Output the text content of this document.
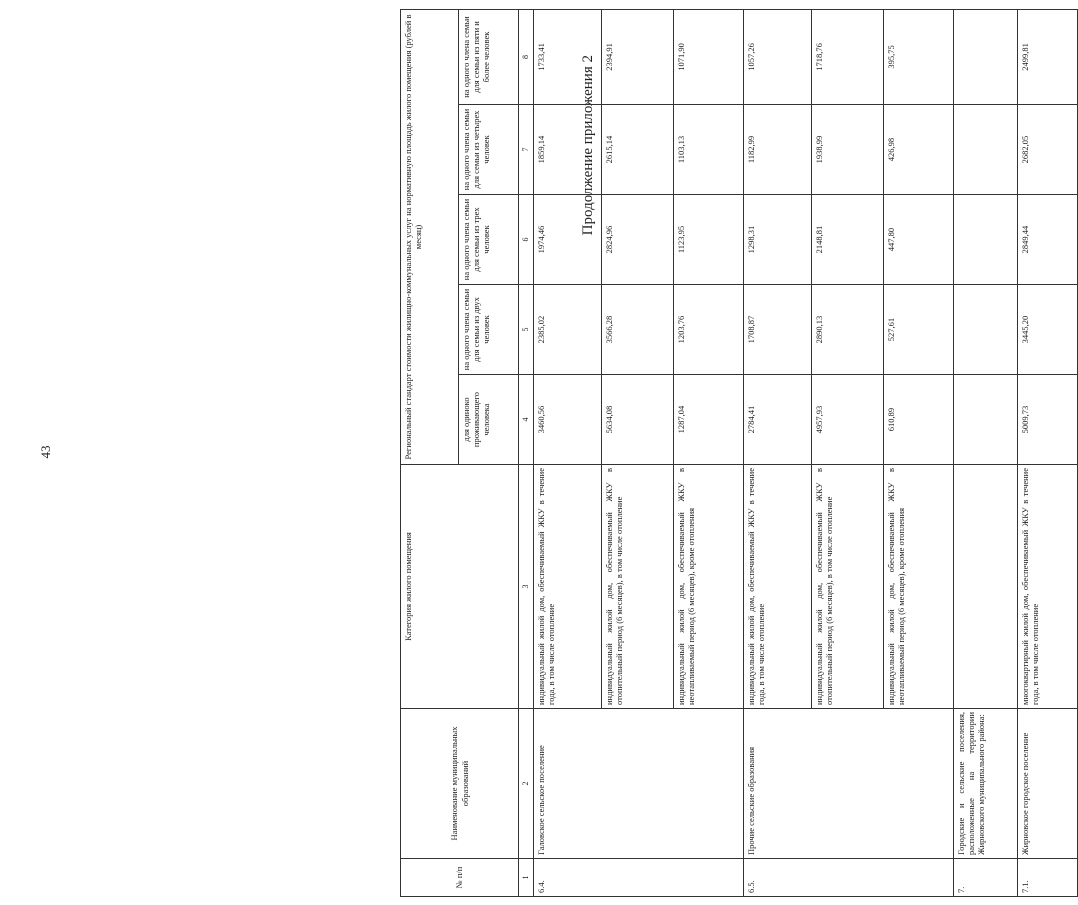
43
Продолжение приложения 2
№ п/п	Наименование муниципальных образований	Категория жилого помещения	Региональный стандарт стоимости жилищно-коммунальных услуг на нормативную площадь жилого помещения (рублей в месяц)				
			для одиноко проживающего человека	на одного члена семьи для семьи из двух человек	на одного члена семьи для семьи из трех человек	на одного члена семьи для семьи из четырех человек	на одного члена семьи для семьи из пяти и более человек
1	2	3	4	5	6	7	8
6.4.	Галовское сельское поселение	индивидуальный жилой дом, обеспечиваемый ЖКУ в течение года, в том числе отопление	3460,56	2385,02	1974,46	1859,14	1733,41
		индивидуальный жилой дом, обеспечиваемый ЖКУ в отопительный период (6 месяцев), в том числе отопление	5634,08	3566,28	2824,96	2615,14	2394,91
		индивидуальный жилой дом, обеспечиваемый ЖКУ в неотапливаемый период (6 месяцев), кроме отопления	1287,04	1203,76	1123,95	1103,13	1071,90
6.5.	Прочие сельские образования	индивидуальный жилой дом, обеспечиваемый ЖКУ в течение года, в том числе отопление	2784,41	1708,87	1298,31	1182,99	1057,26
		индивидуальный жилой дом, обеспечиваемый ЖКУ в отопительный период (6 месяцев), в том числе отопление	4957,93	2890,13	2148,81	1938,99	1718,76
		индивидуальный жилой дом, обеспечиваемый ЖКУ в неотапливаемый период (6 месяцев), кроме отопления	610,89	527,61	447,80	426,98	395,75
7.	Городские и сельские поселения, расположенные на территории Жирновского муниципального района:						
7.1.	Жирновское городское поселение	многоквартирный жилой дом, обеспечиваемый ЖКУ в течение года, в том числе отопление	5009,73	3445,20	2849,44	2682,05	2499,81
